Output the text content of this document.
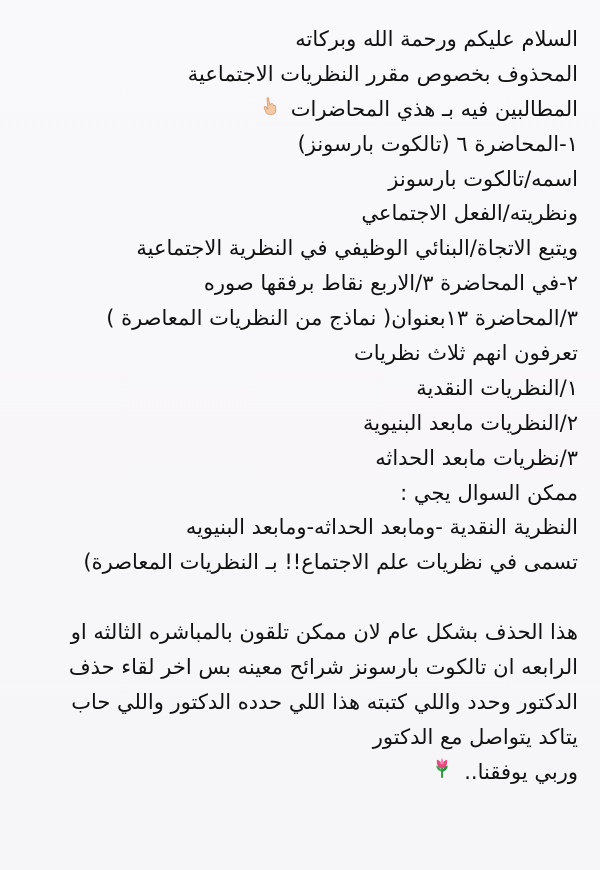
السلام عليكم ورحمة الله وبركاته
المحذوف بخصوص مقرر النظريات الاجتماعية
المطالبين فيه بـ هذي المحاضرات
١-المحاضرة ٦ (تالكوت بارسونز)
اسمه/تالكوت بارسونز
ونظريته/الفعل الاجتماعي
ويتبع الاتجاة/البنائي الوظيفي في النظرية الاجتماعية
٢-في المحاضرة ٣/الاربع نقاط برفقها صوره
٣/المحاضرة ١٣بعنوان( نماذج من النظريات المعاصرة )
تعرفون انهم ثلاث نظريات
١/النظريات النقدية
٢/النظريات مابعد البنيوية
٣/نظريات مابعد الحداثه
ممكن السوال يجي :
النظرية النقدية -ومابعد الحداثه-ومابعد البنيويه
تسمى في نظريات علم الاجتماع!! بـ النظريات المعاصرة)
هذا الحذف بشكل عام لان ممكن تلقون بالمباشره الثالثه او
الرابعه ان تالكوت بارسونز شرائح معينه بس اخر لقاء حذف
الدكتور وحدد واللي كتبته هذا اللي حدده الدكتور واللي حاب
يتاكد يتواصل مع الدكتور
وربي يوفقنا..
